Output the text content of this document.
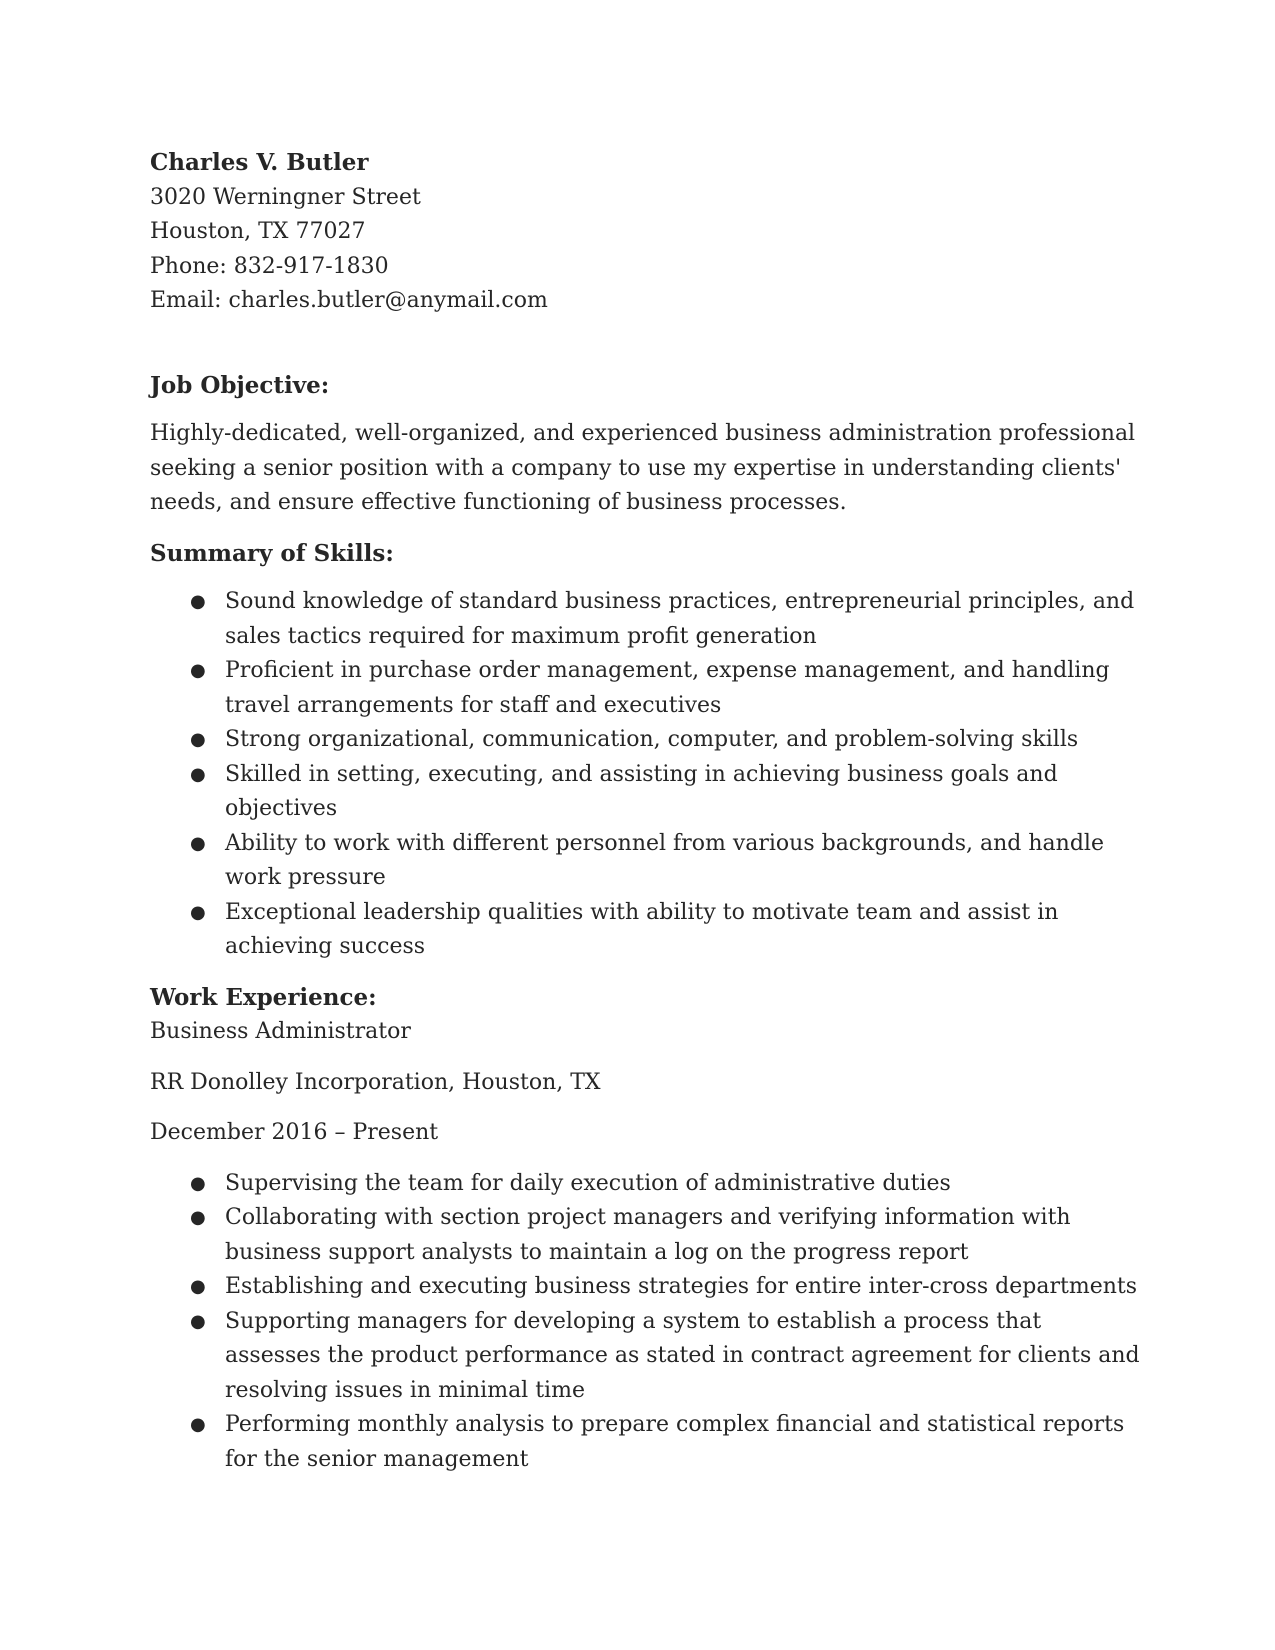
Charles V. Butler

3020 Werningner Street

Houston, TX 77027

Phone: 832-917-1830

Email: charles.butler@anymail.com

Job Objective:

Highly-dedicated, well-organized, and experienced business administration professional seeking a senior position with a company to use my expertise in understanding clients' needs, and ensure effective functioning of business processes.

Summary of Skills:

● Sound knowledge of standard business practices, entrepreneurial principles, and sales tactics required for maximum profit generation
● Proficient in purchase order management, expense management, and handling travel arrangements for staff and executives
● Strong organizational, communication, computer, and problem-solving skills
● Skilled in setting, executing, and assisting in achieving business goals and objectives
● Ability to work with different personnel from various backgrounds, and handle work pressure
● Exceptional leadership qualities with ability to motivate team and assist in achieving success

Work Experience:

Business Administrator

RR Donolley Incorporation, Houston, TX

December 2016 – Present

● Supervising the team for daily execution of administrative duties
● Collaborating with section project managers and verifying information with business support analysts to maintain a log on the progress report
● Establishing and executing business strategies for entire inter-cross departments
● Supporting managers for developing a system to establish a process that assesses the product performance as stated in contract agreement for clients and resolving issues in minimal time
● Performing monthly analysis to prepare complex financial and statistical reports for the senior management
